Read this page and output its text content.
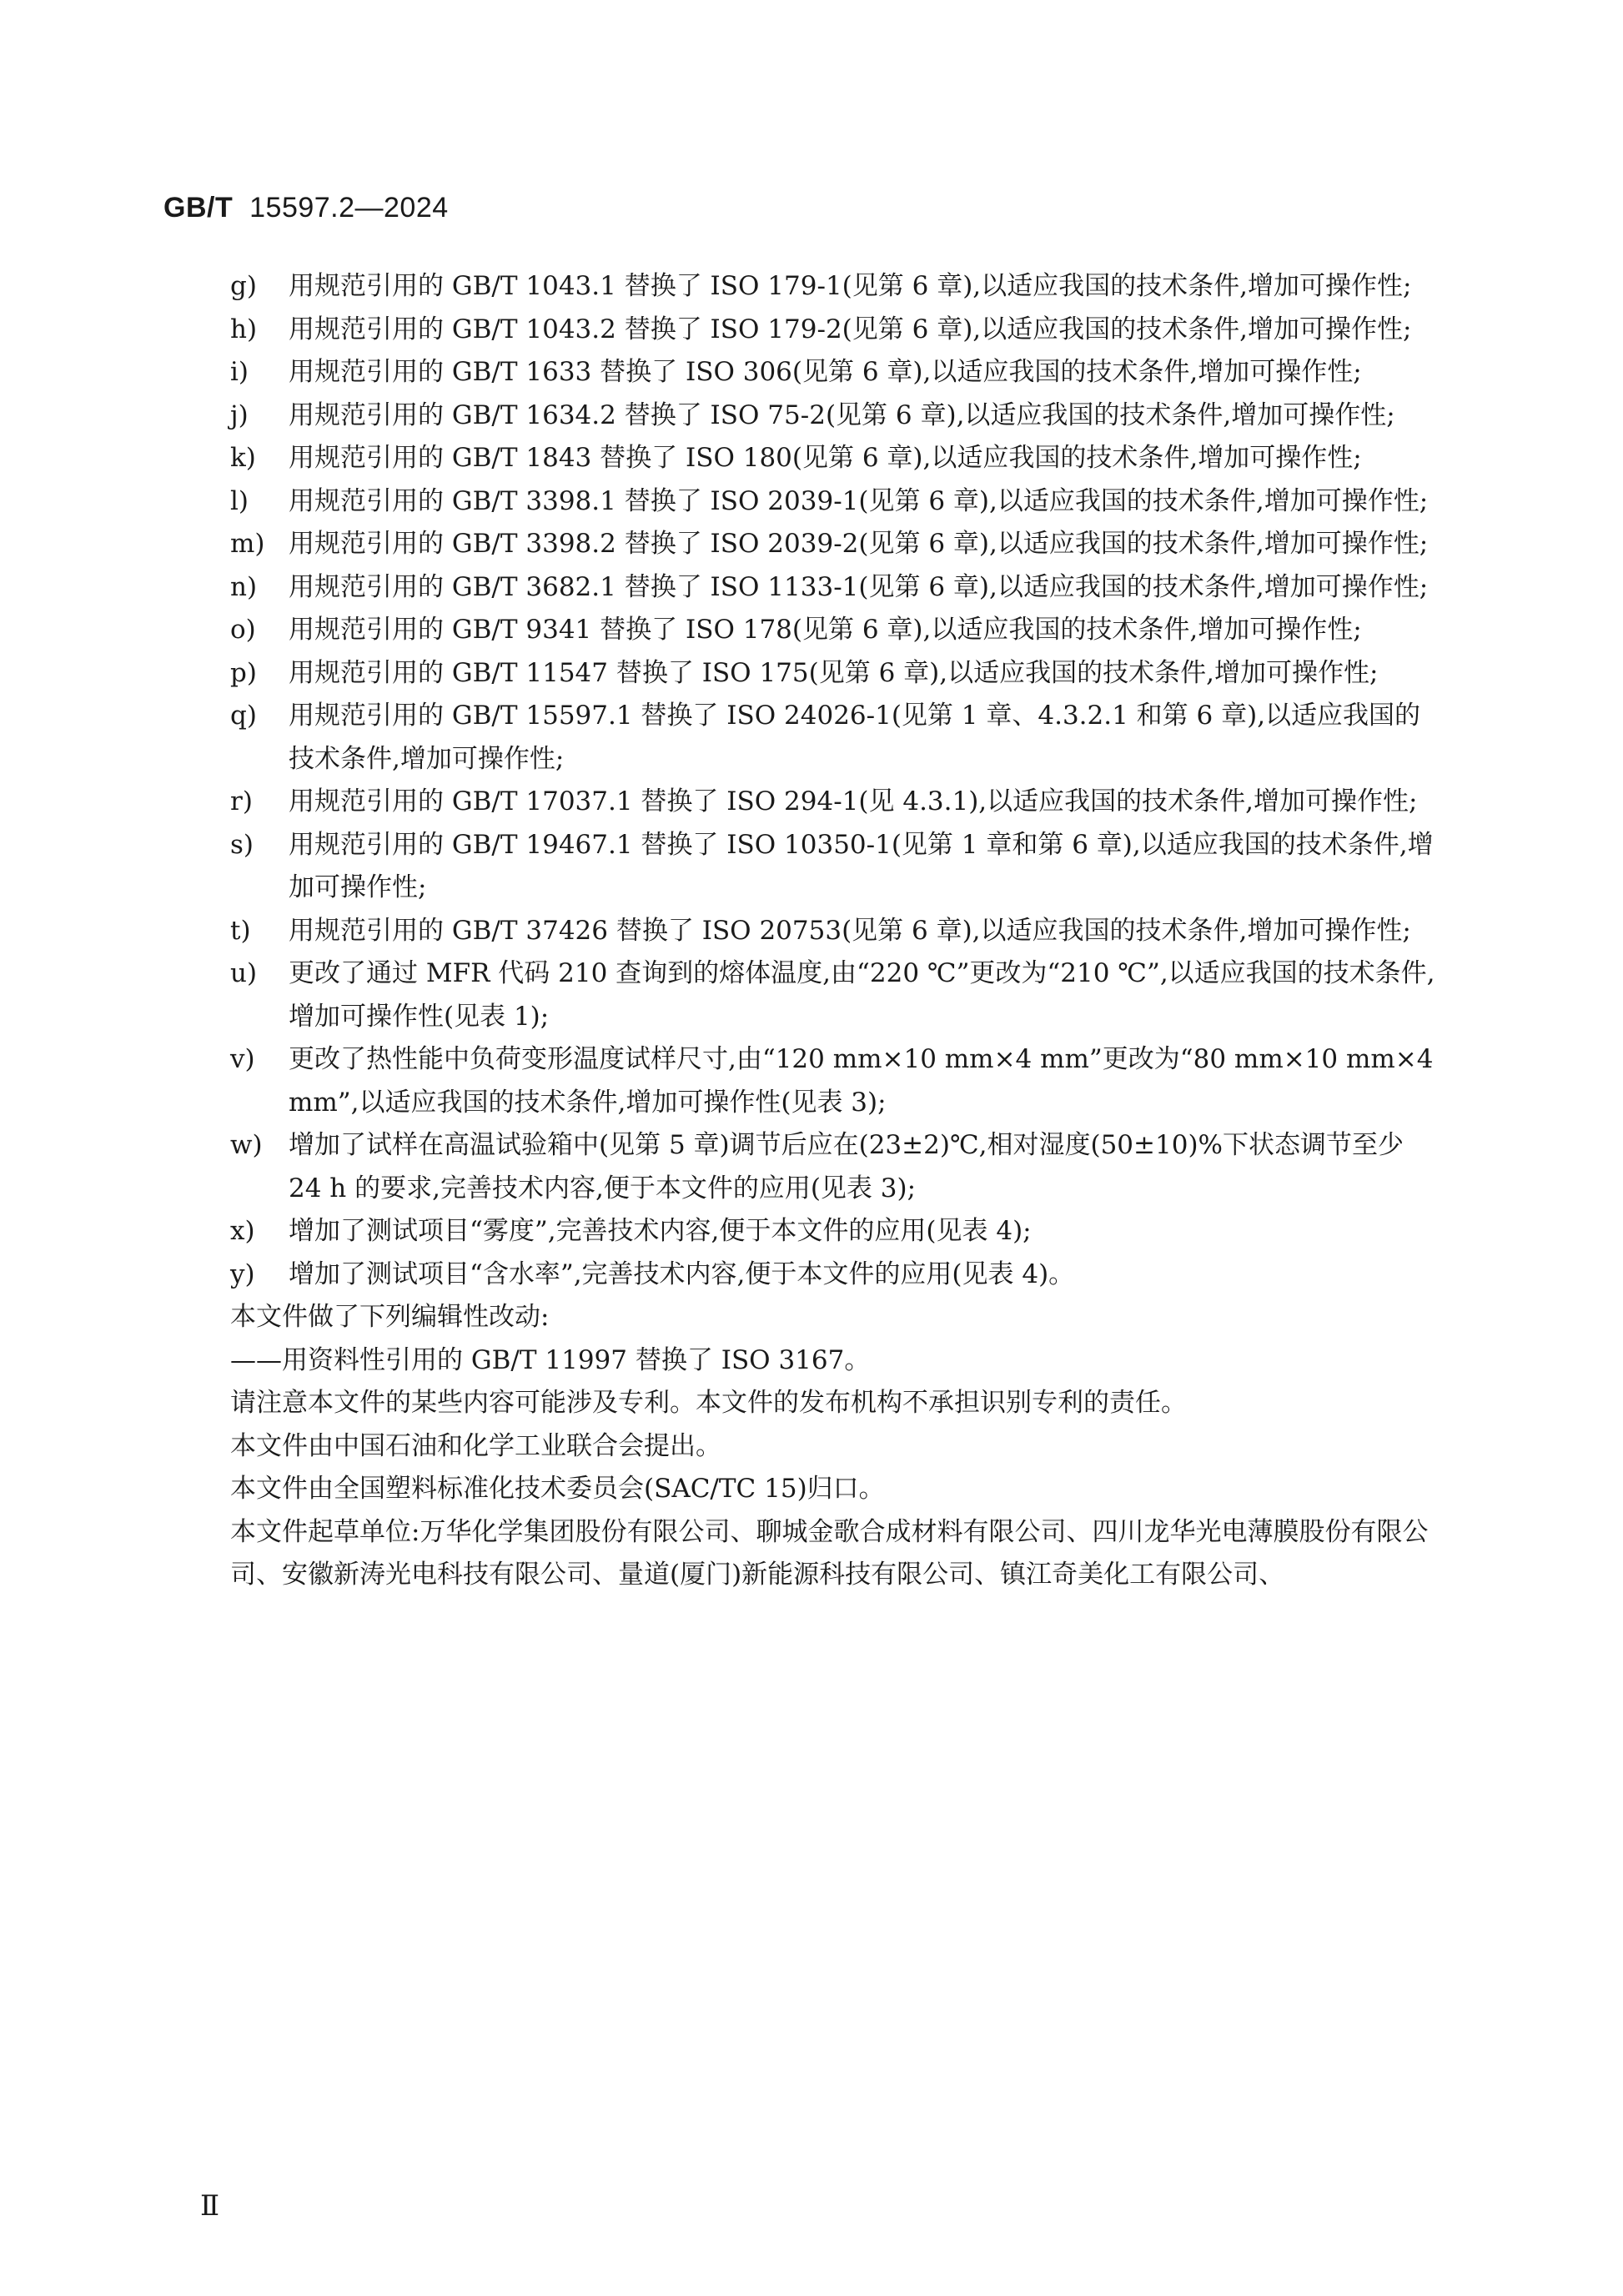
GB/T 15597.2—2024
g) 用规范引用的 GB/T 1043.1 替换了 ISO 179-1(见第 6 章),以适应我国的技术条件,增加可操作性;
h) 用规范引用的 GB/T 1043.2 替换了 ISO 179-2(见第 6 章),以适应我国的技术条件,增加可操作性;
i) 用规范引用的 GB/T 1633 替换了 ISO 306(见第 6 章),以适应我国的技术条件,增加可操作性;
j) 用规范引用的 GB/T 1634.2 替换了 ISO 75-2(见第 6 章),以适应我国的技术条件,增加可操作性;
k) 用规范引用的 GB/T 1843 替换了 ISO 180(见第 6 章),以适应我国的技术条件,增加可操作性;
l) 用规范引用的 GB/T 3398.1 替换了 ISO 2039-1(见第 6 章),以适应我国的技术条件,增加可操作性;
m) 用规范引用的 GB/T 3398.2 替换了 ISO 2039-2(见第 6 章),以适应我国的技术条件,增加可操作性;
n) 用规范引用的 GB/T 3682.1 替换了 ISO 1133-1(见第 6 章),以适应我国的技术条件,增加可操作性;
o) 用规范引用的 GB/T 9341 替换了 ISO 178(见第 6 章),以适应我国的技术条件,增加可操作性;
p) 用规范引用的 GB/T 11547 替换了 ISO 175(见第 6 章),以适应我国的技术条件,增加可操作性;
q) 用规范引用的 GB/T 15597.1 替换了 ISO 24026-1(见第 1 章、4.3.2.1 和第 6 章),以适应我国的技术条件,增加可操作性;
r) 用规范引用的 GB/T 17037.1 替换了 ISO 294-1(见 4.3.1),以适应我国的技术条件,增加可操作性;
s) 用规范引用的 GB/T 19467.1 替换了 ISO 10350-1(见第 1 章和第 6 章),以适应我国的技术条件,增加可操作性;
t) 用规范引用的 GB/T 37426 替换了 ISO 20753(见第 6 章),以适应我国的技术条件,增加可操作性;
u) 更改了通过 MFR 代码 210 查询到的熔体温度,由“220 ℃”更改为“210 ℃”,以适应我国的技术条件,增加可操作性(见表 1);
v) 更改了热性能中负荷变形温度试样尺寸,由“120 mm×10 mm×4 mm”更改为“80 mm×10 mm×4 mm”,以适应我国的技术条件,增加可操作性(见表 3);
w) 增加了试样在高温试验箱中(见第 5 章)调节后应在(23±2)℃,相对湿度(50±10)%下状态调节至少 24 h 的要求,完善技术内容,便于本文件的应用(见表 3);
x) 增加了测试项目“雾度”,完善技术内容,便于本文件的应用(见表 4);
y) 增加了测试项目“含水率”,完善技术内容,便于本文件的应用(见表 4)。
本文件做了下列编辑性改动:
——用资料性引用的 GB/T 11997 替换了 ISO 3167。
请注意本文件的某些内容可能涉及专利。本文件的发布机构不承担识别专利的责任。
本文件由中国石油和化学工业联合会提出。
本文件由全国塑料标准化技术委员会(SAC/TC 15)归口。
本文件起草单位:万华化学集团股份有限公司、聊城金歌合成材料有限公司、四川龙华光电薄膜股份有限公司、安徽新涛光电科技有限公司、量道(厦门)新能源科技有限公司、镇江奇美化工有限公司、
Ⅱ
